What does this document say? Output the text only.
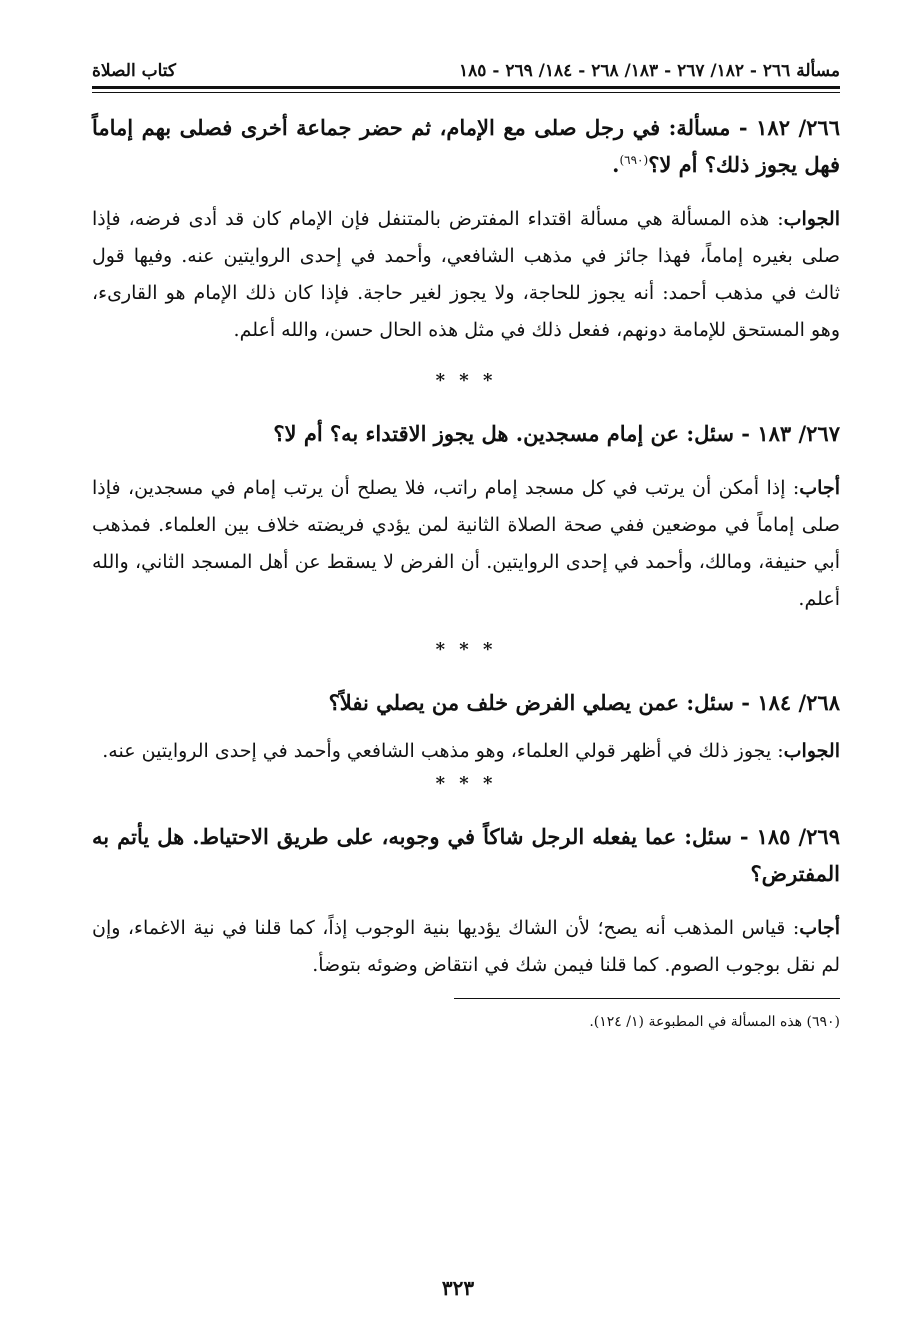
مسألة ٢٦٦ - ١٨٢/ ٢٦٧ - ١٨٣/ ٢٦٨ - ١٨٤/ ٢٦٩ - ١٨٥
كتاب الصلاة

٢٦٦/ ١٨٢ - مسألة: في رجل صلى مع الإمام، ثم حضر جماعة أخرى فصلى بهم إماماً فهل يجوز ذلك؟ أم لا؟$^{(٦٩٠)}$.

الجواب: هذه المسألة هي مسألة اقتداء المفترض بالمتنفل فإن الإمام كان قد أدى فرضه، فإذا صلى بغيره إماماً، فهذا جائز في مذهب الشافعي، وأحمد في إحدى الروايتين عنه. وفيها قول ثالث في مذهب أحمد: أنه يجوز للحاجة، ولا يجوز لغير حاجة. فإذا كان ذلك الإمام هو القارىء، وهو المستحق للإمامة دونهم، ففعل ذلك في مثل هذه الحال حسن، والله أعلم.

* * *

٢٦٧/ ١٨٣ - سئل: عن إمام مسجدين. هل يجوز الاقتداء به؟ أم لا؟

أجاب: إذا أمكن أن يرتب في كل مسجد إمام راتب، فلا يصلح أن يرتب إمام في مسجدين، فإذا صلى إماماً في موضعين ففي صحة الصلاة الثانية لمن يؤدي فريضته خلاف بين العلماء. فمذهب أبي حنيفة، ومالك، وأحمد في إحدى الروايتين. أن الفرض لا يسقط عن أهل المسجد الثاني، والله أعلم.

* * *

٢٦٨/ ١٨٤ - سئل: عمن يصلي الفرض خلف من يصلي نفلاً؟

الجواب: يجوز ذلك في أظهر قولي العلماء، وهو مذهب الشافعي وأحمد في إحدى الروايتين عنه.

* * *

٢٦٩/ ١٨٥ - سئل: عما يفعله الرجل شاكاً في وجوبه، على طريق الاحتياط. هل يأتم به المفترض؟

أجاب: قياس المذهب أنه يصح؛ لأن الشاك يؤديها بنية الوجوب إذاً، كما قلنا في نية الاغماء، وإن لم نقل بوجوب الصوم. كما قلنا فيمن شك في انتقاض وضوئه بتوضأ.

(٦٩٠) هذه المسألة في المطبوعة (١/ ١٢٤).

٣٢٣
